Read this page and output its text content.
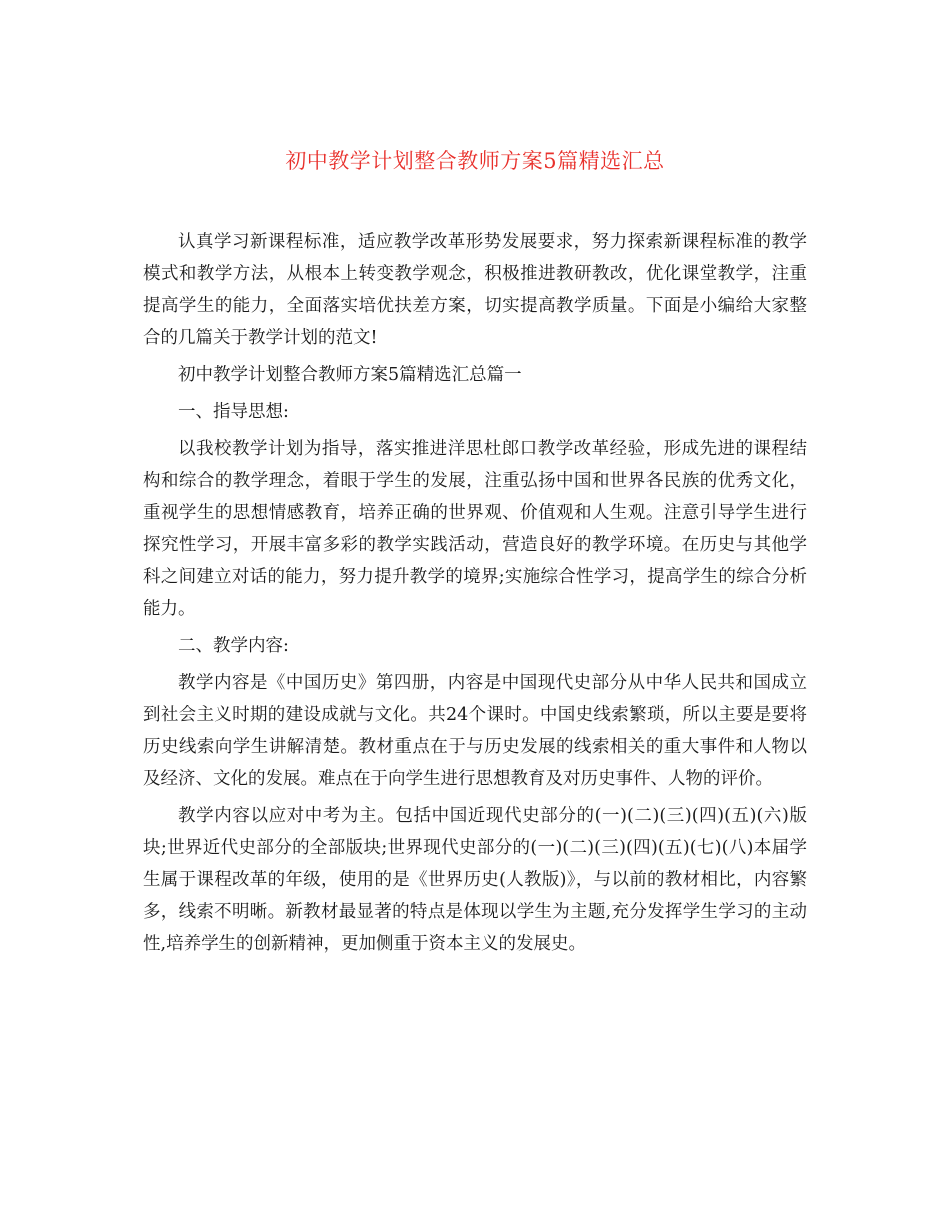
初中教学计划整合教师方案5篇精选汇总

认真学习新课程标准，适应教学改革形势发展要求，努力探索新课程标准的教学模式和教学方法，从根本上转变教学观念，积极推进教研教改，优化课堂教学，注重提高学生的能力，全面落实培优扶差方案，切实提高教学质量。下面是小编给大家整合的几篇关于教学计划的范文!

初中教学计划整合教师方案5篇精选汇总篇一

一、指导思想:

以我校教学计划为指导，落实推进洋思杜郎口教学改革经验，形成先进的课程结构和综合的教学理念，着眼于学生的发展，注重弘扬中国和世界各民族的优秀文化，重视学生的思想情感教育，培养正确的世界观、价值观和人生观。注意引导学生进行探究性学习，开展丰富多彩的教学实践活动，营造良好的教学环境。在历史与其他学科之间建立对话的能力，努力提升教学的境界;实施综合性学习，提高学生的综合分析能力。

二、教学内容:

教学内容是《中国历史》第四册，内容是中国现代史部分从中华人民共和国成立到社会主义时期的建设成就与文化。共24个课时。中国史线索繁琐，所以主要是要将历史线索向学生讲解清楚。教材重点在于与历史发展的线索相关的重大事件和人物以及经济、文化的发展。难点在于向学生进行思想教育及对历史事件、人物的评价。

教学内容以应对中考为主。包括中国近现代史部分的(一)(二)(三)(四)(五)(六)版块;世界近代史部分的全部版块;世界现代史部分的(一)(二)(三)(四)(五)(七)(八)本届学生属于课程改革的年级，使用的是《世界历史(人教版)》，与以前的教材相比，内容繁多，线索不明晰。新教材最显著的特点是体现以学生为主题,充分发挥学生学习的主动性,培养学生的创新精神，更加侧重于资本主义的发展史。
